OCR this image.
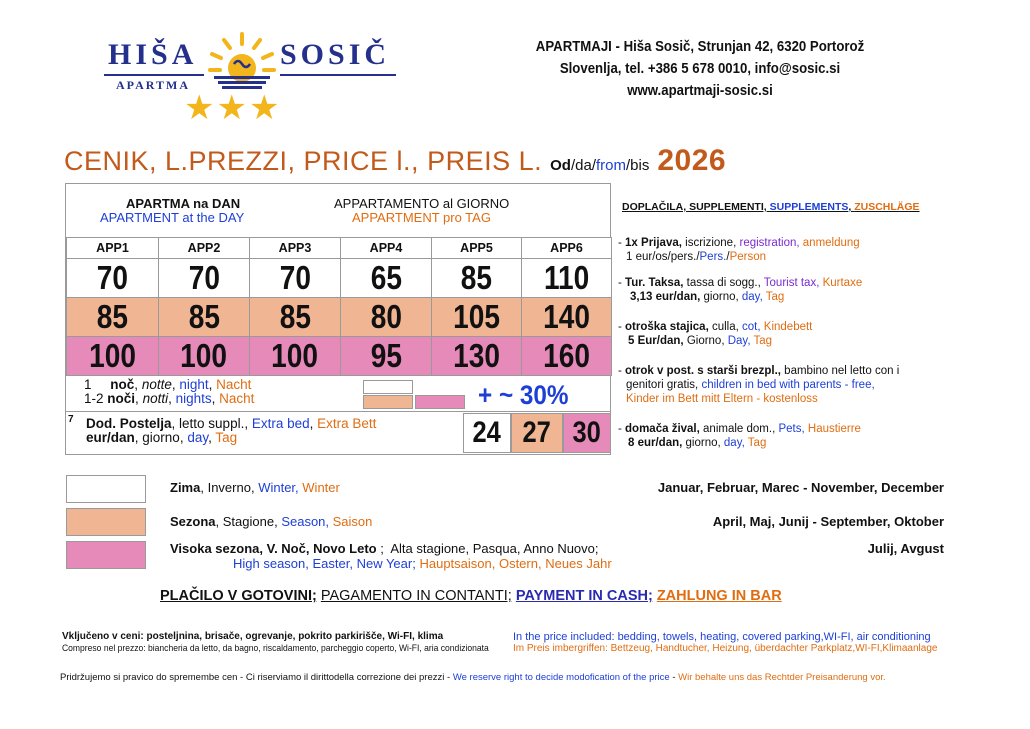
HIŠA	SOSIČ
APARTMA
★★★
APARTMAJI - Hiša Sosič, Strunjan 42, 6320 Portorož
Slovenlja, tel. +386 5 678 0010, info@sosic.si
www.apartmaji-sosic.si
CENIK, L.PREZZI, PRICE l., PREIS L. Od/da/from/bis 2026
APARTMA na DAN
APARTMENT at the DAY
APPARTAMENTO al GIORNO
APPARTMENT pro TAG
APP1	APP2	APP3	APP4	APP5	APP6
70	70	70	65	85	110
85	85	85	80	105	140
100	100	100	95	130	160
1 noč, notte, night, Nacht
1-2 noči, notti, nights, Nacht	+ ~ 30%
7 Dod. Postelja, letto suppl., Extra bed, Extra Bett
eur/dan, giorno, day, Tag	24 27 30
DOPLAČILA, SUPPLEMENTI, SUPPLEMENTS, ZUSCHLÄGE
- 1x Prijava, iscrizione, registration, anmeldung
1 eur/os/pers./Pers./Person
- Tur. Taksa, tassa di sogg., Tourist tax, Kurtaxe
3,13 eur/dan, giorno, day, Tag
- otroška stajica, culla, cot, Kindebett
5 Eur/dan, Giorno, Day, Tag
- otrok v post. s starši brezpl., bambino nel letto con i
genitori gratis, children in bed with parents - free,
Kinder im Bett mitt Eltern - kostenloss
- domača žival, animale dom., Pets, Haustierre
8 eur/dan, giorno, day, Tag
Zima, Inverno, Winter, Winter	Januar, Februar, Marec - November, December
Sezona, Stagione, Season, Saison	April, Maj, Junij - September, Oktober
Visoka sezona, V. Noč, Novo Leto ;  Alta stagione, Pasqua, Anno Nuovo;
High season, Easter, New Year; Hauptsaison, Ostern, Neues Jahr
Julij, Avgust
PLAČILO V GOTOVINI; PAGAMENTO IN CONTANTI; PAYMENT IN CASH; ZAHLUNG IN BAR
Vključeno v ceni: posteljnina, brisače, ogrevanje, pokrito parkirišče, Wi-FI, klima
Compreso nel prezzo: biancheria da letto, da bagno, riscaldamento, parcheggio coperto, Wi-FI, aria condizionata
In the price included: bedding, towels, heating, covered parking,WI-FI, air conditioning
Im Preis imbergriffen: Bettzeug, Handtucher, Heizung, überdachter Parkplatz,WI-FI,Klimaanlage
Pridržujemo si pravico do spremembe cen - Ci riserviamo il dirittodella correzione dei prezzi - We reserve right to decide modofication of the price - Wir behalte uns das Rechtder Preisanderung vor.
